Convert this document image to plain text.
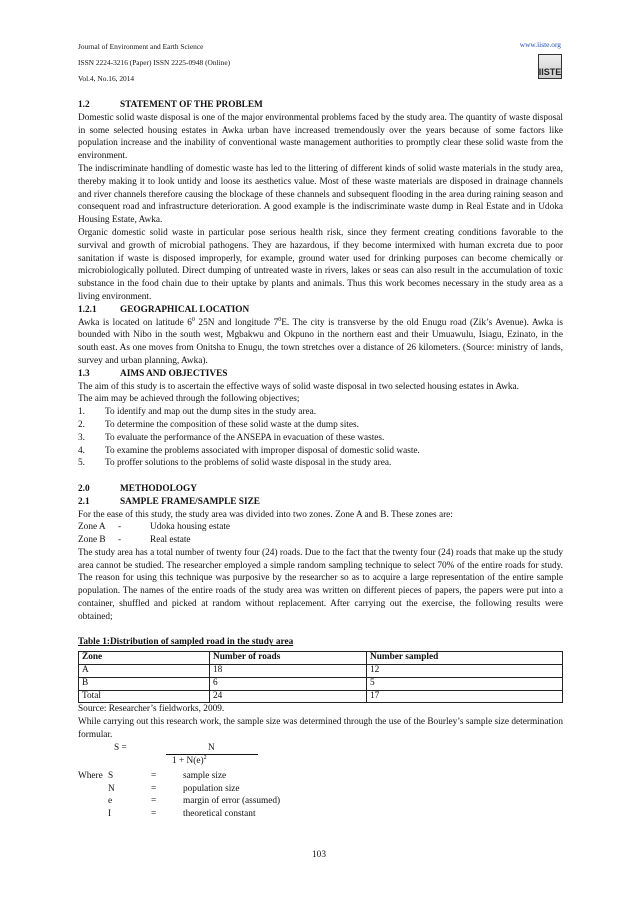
Journal of Environment and Earth Science
ISSN 2224-3216 (Paper) ISSN 2225-0948 (Online)
Vol.4, No.16, 2014
www.iiste.org
IISTE
1.2	STATEMENT OF THE PROBLEM
Domestic solid waste disposal is one of the major environmental problems faced by the study area. The quantity of waste disposal in some selected housing estates in Awka urban have increased tremendously over the years because of some factors like population increase and the inability of conventional waste management authorities to promptly clear these solid waste from the environment.
The indiscriminate handling of domestic waste has led to the littering of different kinds of solid waste materials in the study area, thereby making it to look untidy and loose its aesthetics value. Most of these waste materials are disposed in drainage channels and river channels therefore causing the blockage of these channels and subsequent flooding in the area during raining season and consequent road and infrastructure deterioration. A good example is the indiscriminate waste dump in Real Estate and in Udoka Housing Estate, Awka.
Organic domestic solid waste in particular pose serious health risk, since they ferment creating conditions favorable to the survival and growth of microbial pathogens. They are hazardous, if they become intermixed with human excreta due to poor sanitation if waste is disposed improperly, for example, ground water used for drinking purposes can become chemically or microbiologically polluted. Direct dumping of untreated waste in rivers, lakes or seas can also result in the accumulation of toxic substance in the food chain due to their uptake by plants and animals. Thus this work becomes necessary in the study area as a living environment.
1.2.1	GEOGRAPHICAL LOCATION
Awka is located on latitude $6^0$ 25N and longitude $7^0E$. The city is transverse by the old Enugu road (Zik’s Avenue). Awka is bounded with Nibo in the south west, Mgbakwu and Okpuno in the northern east and their Umuawulu, Isiagu, Ezinato, in the south east. As one moves from Onitsha to Enugu, the town stretches over a distance of 26 kilometers. (Source: ministry of lands, survey and urban planning, Awka).
1.3	AIMS AND OBJECTIVES
The aim of this study is to ascertain the effective ways of solid waste disposal in two selected housing estates in Awka.
The aim may be achieved through the following objectives;
1.	To identify and map out the dump sites in the study area.
2.	To determine the composition of these solid waste at the dump sites.
3.	To evaluate the performance of the ANSEPA in evacuation of these wastes.
4.	To examine the problems associated with improper disposal of domestic solid waste.
5.	To proffer solutions to the problems of solid waste disposal in the study area.
2.0	METHODOLOGY
2.1	SAMPLE FRAME/SAMPLE SIZE
For the ease of this study, the study area was divided into two zones. Zone A and B. These zones are:
Zone A	-	Udoka housing estate
Zone B	-	Real estate
The study area has a total number of twenty four (24) roads. Due to the fact that the twenty four (24) roads that make up the study area cannot be studied. The researcher employed a simple random sampling technique to select 70% of the entire roads for study. The reason for using this technique was purposive by the researcher so as to acquire a large representation of the entire sample population. The names of the entire roads of the study area was written on different pieces of papers, the papers were put into a container, shuffled and picked at random without replacement. After carrying out the exercise, the following results were obtained;
Table 1:Distribution of sampled road in the study area
Zone	Number of roads	Number sampled
A	18	12
B	6	5
Total	24	17
Source: Researcher’s fieldworks, 2009.
While carrying out this research work, the sample size was determined through the use of the Bourley’s sample size determination formular.
S =	N
$1 + N(e)^2$
Where S	=	sample size
N	=	population size
e	=	margin of error (assumed)
I	=	theoretical constant
103
